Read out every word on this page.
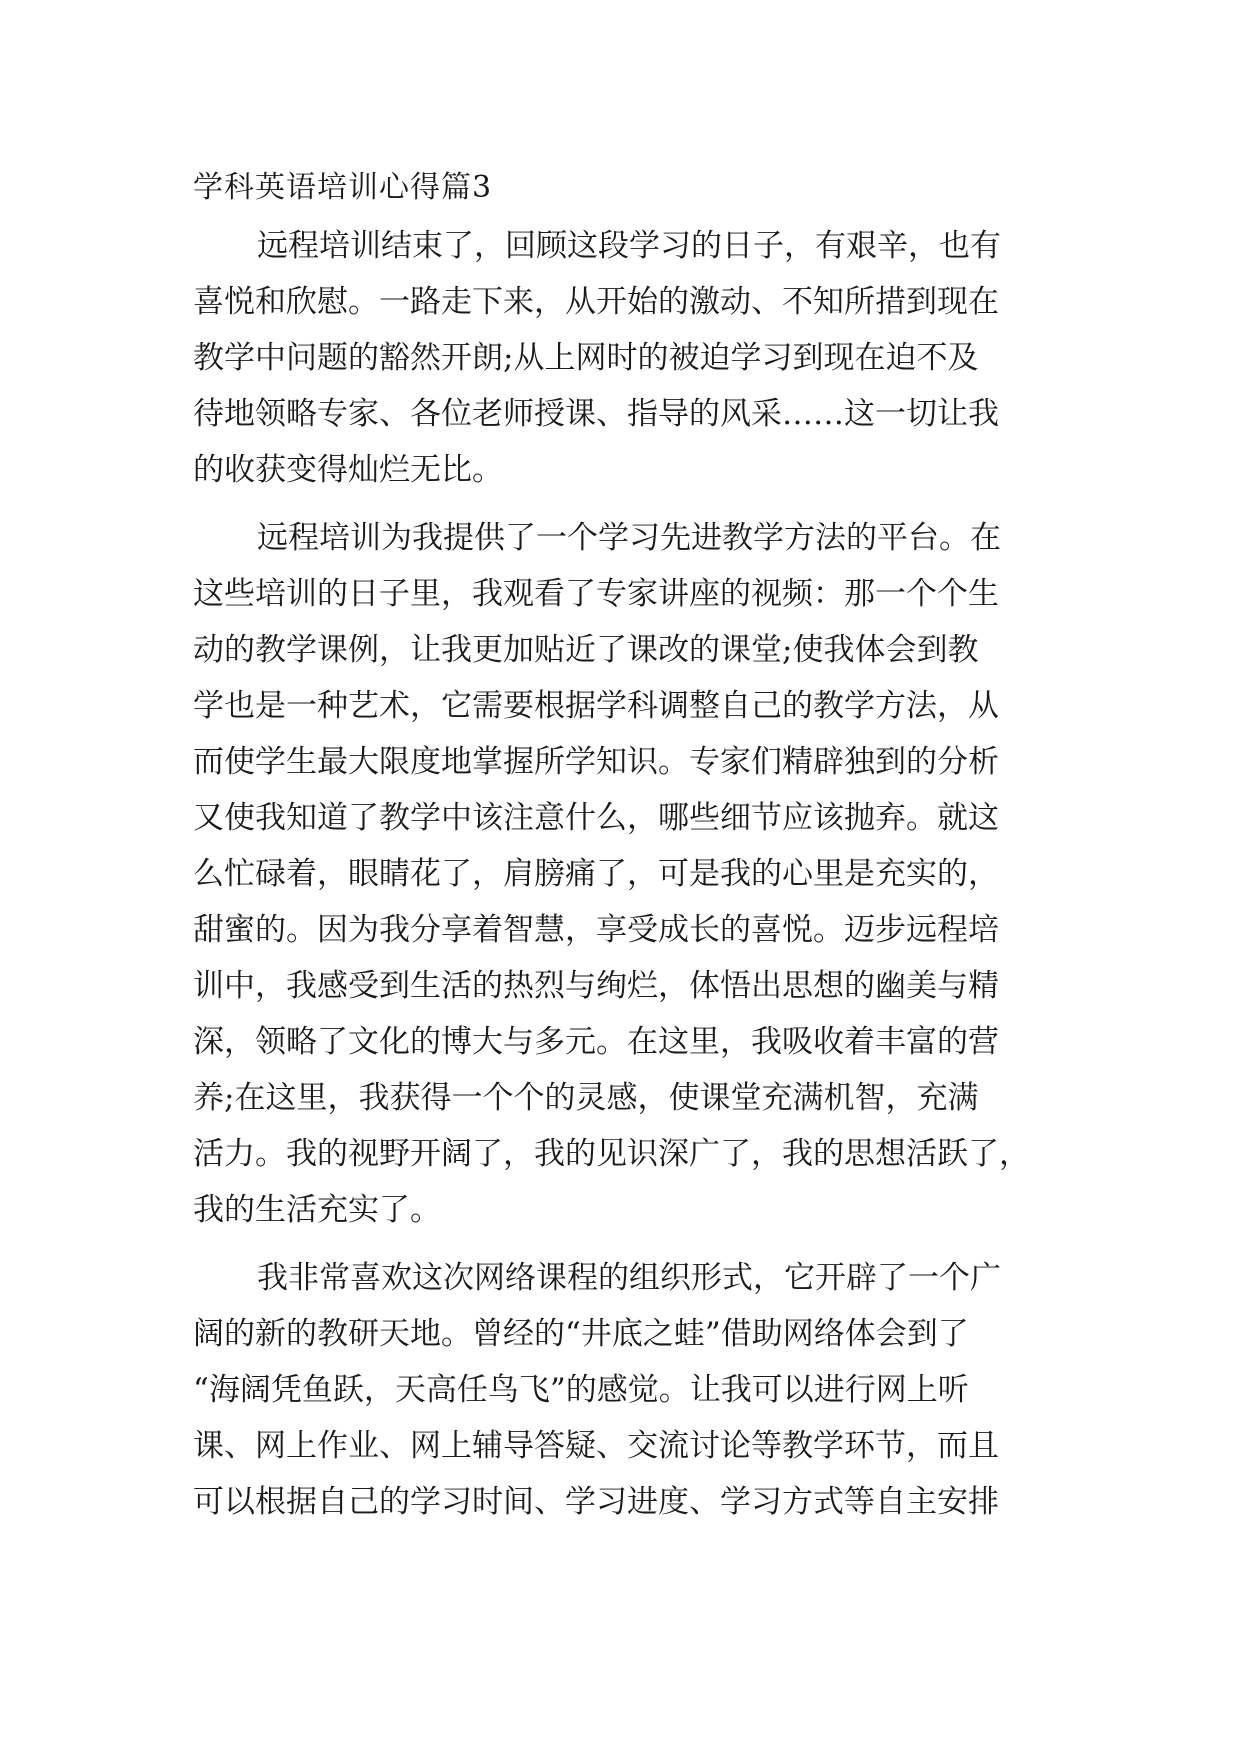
学科英语培训心得篇3
远程培训结束了，回顾这段学习的日子，有艰辛，也有
喜悦和欣慰。一路走下来，从开始的激动、不知所措到现在
教学中问题的豁然开朗;从上网时的被迫学习到现在迫不及
待地领略专家、各位老师授课、指导的风采……这一切让我
的收获变得灿烂无比。
远程培训为我提供了一个学习先进教学方法的平台。在
这些培训的日子里，我观看了专家讲座的视频：那一个个生
动的教学课例，让我更加贴近了课改的课堂;使我体会到教
学也是一种艺术，它需要根据学科调整自己的教学方法，从
而使学生最大限度地掌握所学知识。专家们精辟独到的分析
又使我知道了教学中该注意什么，哪些细节应该抛弃。就这
么忙碌着，眼睛花了，肩膀痛了，可是我的心里是充实的，
甜蜜的。因为我分享着智慧，享受成长的喜悦。迈步远程培
训中，我感受到生活的热烈与绚烂，体悟出思想的幽美与精
深，领略了文化的博大与多元。在这里，我吸收着丰富的营
养;在这里，我获得一个个的灵感，使课堂充满机智，充满
活力。我的视野开阔了，我的见识深广了，我的思想活跃了，
我的生活充实了。
我非常喜欢这次网络课程的组织形式，它开辟了一个广
阔的新的教研天地。曾经的“井底之蛙”借助网络体会到了
“海阔凭鱼跃，天高任鸟飞”的感觉。让我可以进行网上听
课、网上作业、网上辅导答疑、交流讨论等教学环节，而且
可以根据自己的学习时间、学习进度、学习方式等自主安排
